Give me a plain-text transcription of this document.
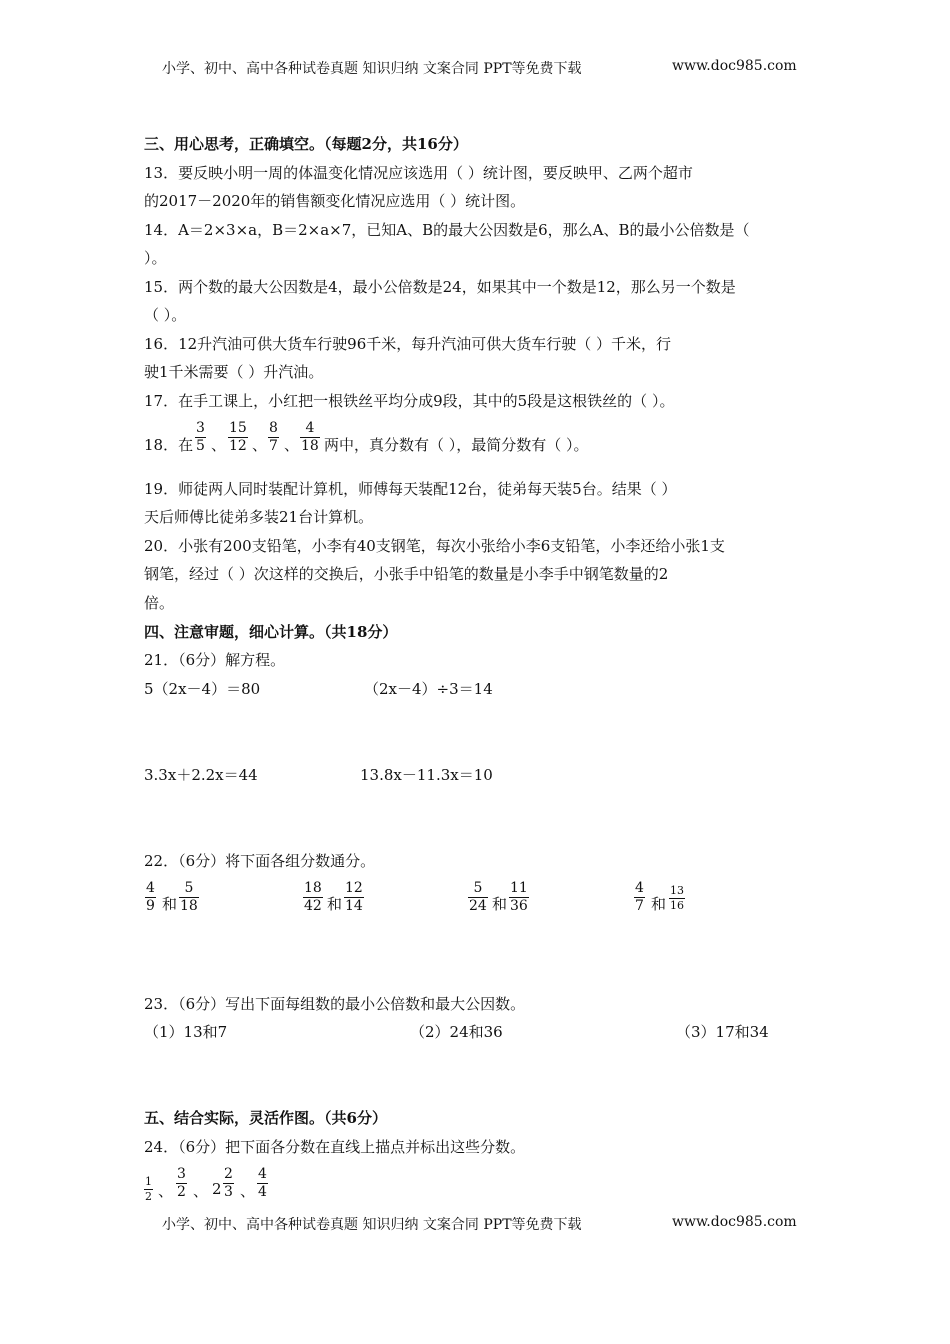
小学、初中、高中各种试卷真题 知识归纳 文案合同 PPT等免费下载	www.doc985.com
三、用心思考，正确填空。（每题2分，共16分）
13．要反映小明一周的体温变化情况应该选用（ ）统计图，要反映甲、乙两个超市
的2017－2020年的销售额变化情况应选用（ ）统计图。
14．A＝2×3×a，B＝2×a×7，已知A、B的最大公因数是6，那么A、B的最小公倍数是（
）。
15．两个数的最大公因数是4，最小公倍数是24，如果其中一个数是12，那么另一个数是
（ ）。
16．12升汽油可供大货车行驶96千米，每升汽油可供大货车行驶（ ）千米，行
驶1千米需要（ ）升汽油。
17．在手工课上，小红把一根铁丝平均分成9段，其中的5段是这根铁丝的（ ）。
18．在 $\frac{3}{5}$ 、 $\frac{15}{12}$ 、 $\frac{8}{7}$ 、 $\frac{4}{18}$ 两中，真分数有（ ），最简分数有（ ）。
19．师徒两人同时装配计算机，师傅每天装配12台，徒弟每天装5台。结果（ ）
天后师傅比徒弟多装21台计算机。
20．小张有200支铅笔，小李有40支钢笔，每次小张给小李6支铅笔，小李还给小张1支
钢笔，经过（ ）次这样的交换后，小张手中铅笔的数量是小李手中钢笔数量的2
倍。
四、注意审题，细心计算。（共18分）
21．（6分）解方程。
5（2x－4）＝80	（2x－4）÷3＝14
3.3x＋2.2x＝44	13.8x－11.3x＝10
22．（6分）将下面各组分数通分。
$\frac{4}{9}$ 和 $\frac{5}{18}$	$\frac{18}{42}$ 和 $\frac{12}{14}$	$\frac{5}{24}$ 和 $\frac{11}{36}$	$\frac{4}{7}$ 和 $\frac{13}{16}$
23．（6分）写出下面每组数的最小公倍数和最大公因数。
（1）13和7	（2）24和36	（3）17和34
五、结合实际，灵活作图。（共6分）
24．（6分）把下面各分数在直线上描点并标出这些分数。
$\frac{1}{2}$ 、 $\frac{3}{2}$ 、 $2 \frac{2}{3}$ 、 $\frac{4}{4}$
小学、初中、高中各种试卷真题 知识归纳 文案合同 PPT等免费下载	www.doc985.com
